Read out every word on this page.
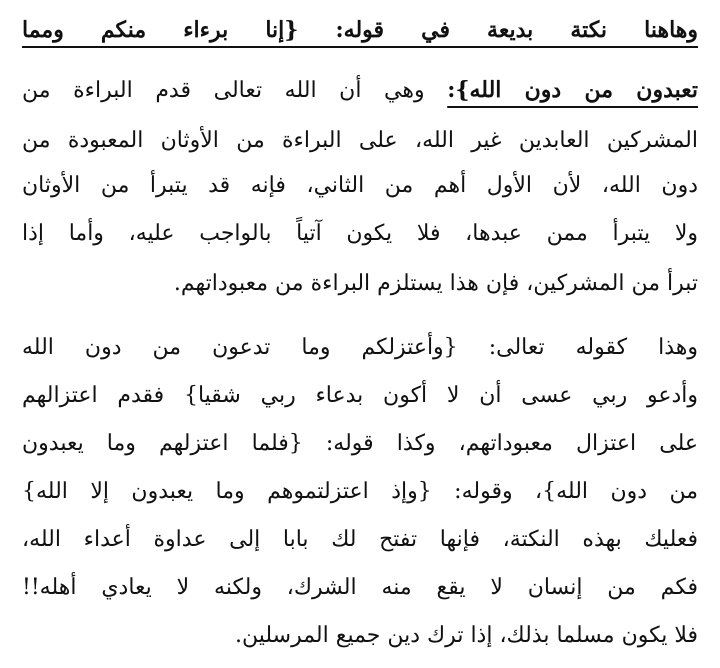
وهاهنا نكتة بديعة في قوله: {إنا برءاء منكم ومما
تعبدون من دون الله}: وهي أن الله تعالى قدم البراءة من
المشركين العابدين غير الله، على البراءة من الأوثان المعبودة من
دون الله، لأن الأول أهم من الثاني، فإنه قد يتبرأ من الأوثان
ولا يتبرأ ممن عبدها، فلا يكون آتياً بالواجب عليه، وأما إذا
تبرأ من المشركين، فإن هذا يستلزم البراءة من معبوداتهم.
وهذا كقوله تعالى: {وأعتزلكم وما تدعون من دون الله
وأدعو ربي عسى أن لا أكون بدعاء ربي شقيا} فقدم اعتزالهم
على اعتزال معبوداتهم، وكذا قوله: {فلما اعتزلهم وما يعبدون
من دون الله}، وقوله: {وإذ اعتزلتموهم وما يعبدون إلا الله}
فعليك بهذه النكتة، فإنها تفتح لك بابا إلى عداوة أعداء الله،
فكم من إنسان لا يقع منه الشرك، ولكنه لا يعادي أهله!!
فلا يكون مسلما بذلك، إذا ترك دين جميع المرسلين.
